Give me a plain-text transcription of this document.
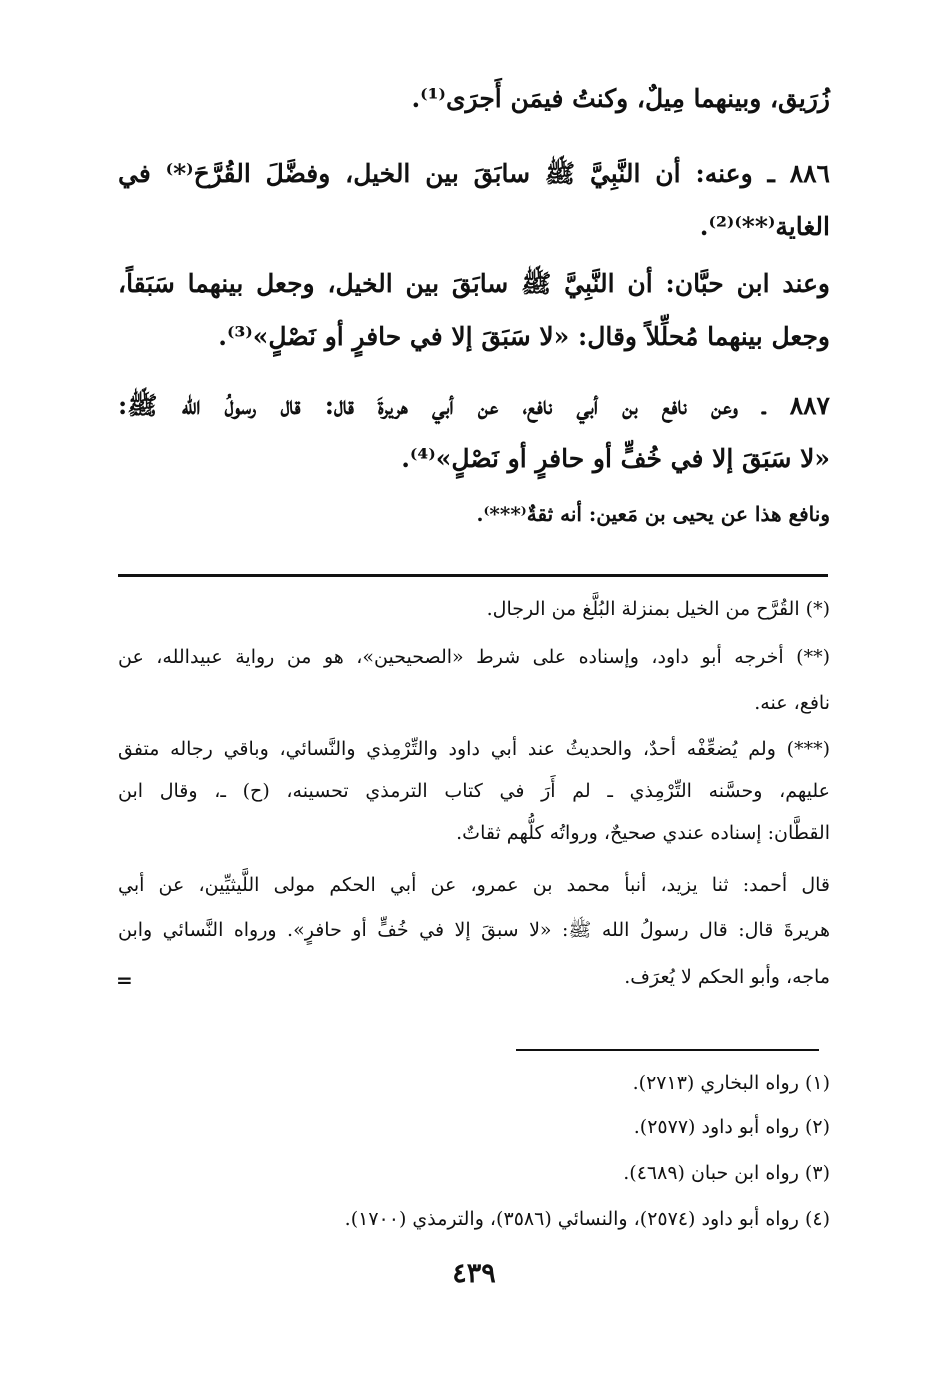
زُرَيق، وبينهما مِيلٌ، وكنتُ فيمَن أَجرَى⁽¹⁾.
٨٨٦ ـ وعنه: أن النَّبِيَّ ﷺ سابَقَ بين الخيل، وفضَّلَ القُرَّحَ⁽*⁾ في
الغاية⁽**⁾⁽²⁾.
وعند ابن حبَّان: أن النَّبِيَّ ﷺ سابَقَ بين الخيل، وجعل بينهما سَبَقاً،
وجعل بينهما مُحلِّلاً وقال: «لا سَبَقَ إلا في حافرٍ أو نَصْلٍ»⁽³⁾.
٨٨٧ ـ وعن نافع بن أبي نافع، عن أبي هريرةَ قال: قال رسولُ الله ﷺ:
«لا سَبَقَ إلا في خُفٍّ أو حافرٍ أو نَصْلٍ»⁽⁴⁾.
ونافع هذا عن يحيى بن مَعين: أنه ثقةٌ⁽***⁾.
(*) القُرَّح من الخيل بمنزلة البُلَّغ من الرجال.
(**) أخرجه أبو داود، وإسناده على شرط «الصحيحين»، هو من رواية عبيدالله، عن
نافع، عنه.
(***) ولم يُضعِّفْه أحدٌ، والحديثُ عند أبي داود والتِّرْمِذي والنَّسائي، وباقي رجاله متفق
عليهم، وحسَّنه التِّرْمِذي ـ لم أَرَ في كتاب الترمذي تحسينه، (ح) ـ، وقال ابن
القطَّان: إسناده عندي صحيحٌ، ورواتُه كلُّهم ثقاتٌ.
قال أحمد: ثنا يزيد، أنبأ محمد بن عمرو، عن أبي الحكم مولى اللَّيثيِّين، عن أبي
هريرةَ قال: قال رسولُ الله ﷺ: «لا سبقَ إلا في خُفٍّ أو حافرٍ». ورواه النَّسائي وابن
ماجه، وأبو الحكم لا يُعرَف.
=
(١) رواه البخاري (٢٧١٣).
(٢) رواه أبو داود (٢٥٧٧).
(٣) رواه ابن حبان (٤٦٨٩).
(٤) رواه أبو داود (٢٥٧٤)، والنسائي (٣٥٨٦)، والترمذي (١٧٠٠).
٤٣٩
